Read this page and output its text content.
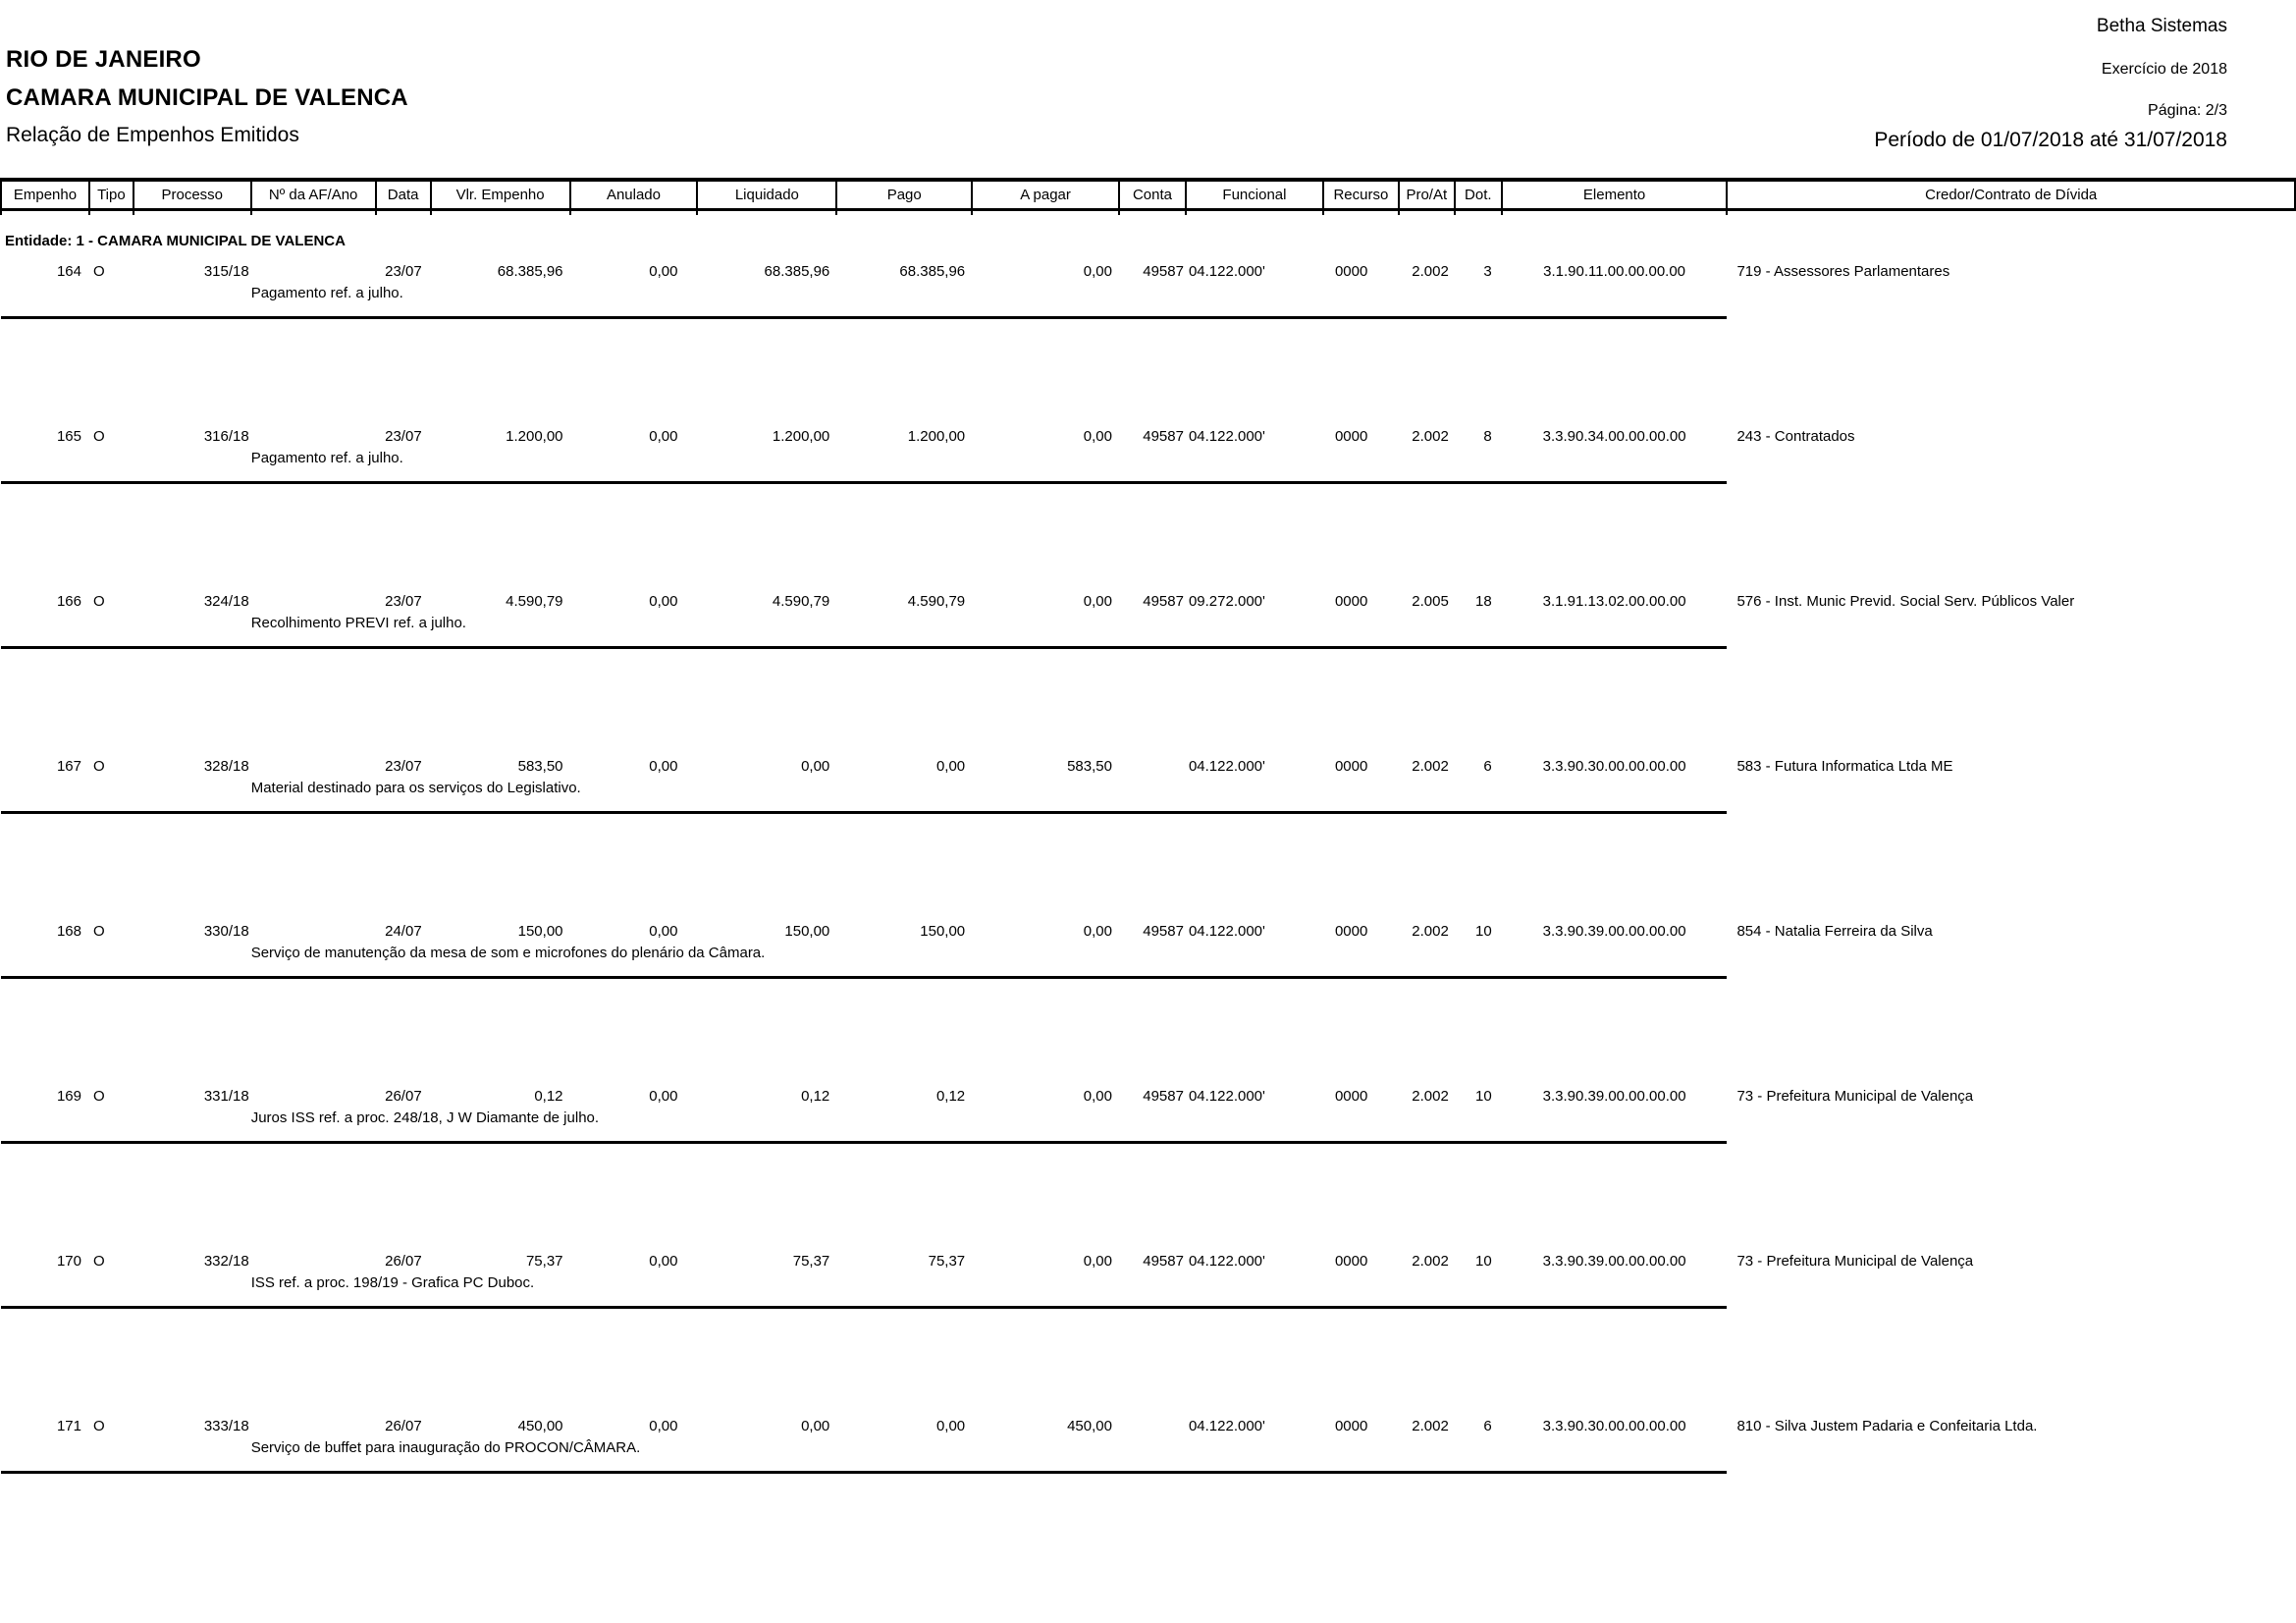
RIO DE JANEIRO
CAMARA MUNICIPAL DE VALENCA
Relação de Empenhos Emitidos
Betha Sistemas
Exercício de 2018
Página: 2/3
Período de 01/07/2018 até 31/07/2018
Empenho	Tipo	Processo	Nº da AF/Ano	Data	Vlr. Empenho	Anulado	Liquidado	Pago	A pagar	Conta	Funcional	Recurso	Pro/At	Dot.	Elemento	Credor/Contrato de Dívida

Entidade: 1 - CAMARA MUNICIPAL DE VALENCA																
164	O	315/18		23/07	68.385,96	0,00	68.385,96	68.385,96	0,00	49587	04.122.000'	0000	2.002	3	3.1.90.11.00.00.00.00	719 - Assessores Parlamentares
			Pagamento ref. a julho.													

165	O	316/18		23/07	1.200,00	0,00	1.200,00	1.200,00	0,00	49587	04.122.000'	0000	2.002	8	3.3.90.34.00.00.00.00	243 - Contratados
			Pagamento ref. a julho.													

166	O	324/18		23/07	4.590,79	0,00	4.590,79	4.590,79	0,00	49587	09.272.000'	0000	2.005	18	3.1.91.13.02.00.00.00	576 - Inst. Munic Previd. Social Serv. Públicos Valer
			Recolhimento PREVI ref. a julho.													

167	O	328/18		23/07	583,50	0,00	0,00	0,00	583,50		04.122.000'	0000	2.002	6	3.3.90.30.00.00.00.00	583 - Futura Informatica Ltda ME
			Material destinado para os serviços do Legislativo.													

168	O	330/18		24/07	150,00	0,00	150,00	150,00	0,00	49587	04.122.000'	0000	2.002	10	3.3.90.39.00.00.00.00	854 - Natalia Ferreira da Silva
			Serviço de manutenção da mesa de som e microfones do plenário da Câmara.													

169	O	331/18		26/07	0,12	0,00	0,12	0,12	0,00	49587	04.122.000'	0000	2.002	10	3.3.90.39.00.00.00.00	73 - Prefeitura Municipal de Valença
			Juros ISS ref. a proc. 248/18, J W Diamante de julho.													

170	O	332/18		26/07	75,37	0,00	75,37	75,37	0,00	49587	04.122.000'	0000	2.002	10	3.3.90.39.00.00.00.00	73 - Prefeitura Municipal de Valença
			ISS ref. a proc. 198/19 - Grafica PC Duboc.													

171	O	333/18		26/07	450,00	0,00	0,00	0,00	450,00		04.122.000'	0000	2.002	6	3.3.90.30.00.00.00.00	810 - Silva Justem Padaria e Confeitaria Ltda.
			Serviço de buffet para inauguração do PROCON/CÂMARA.													
